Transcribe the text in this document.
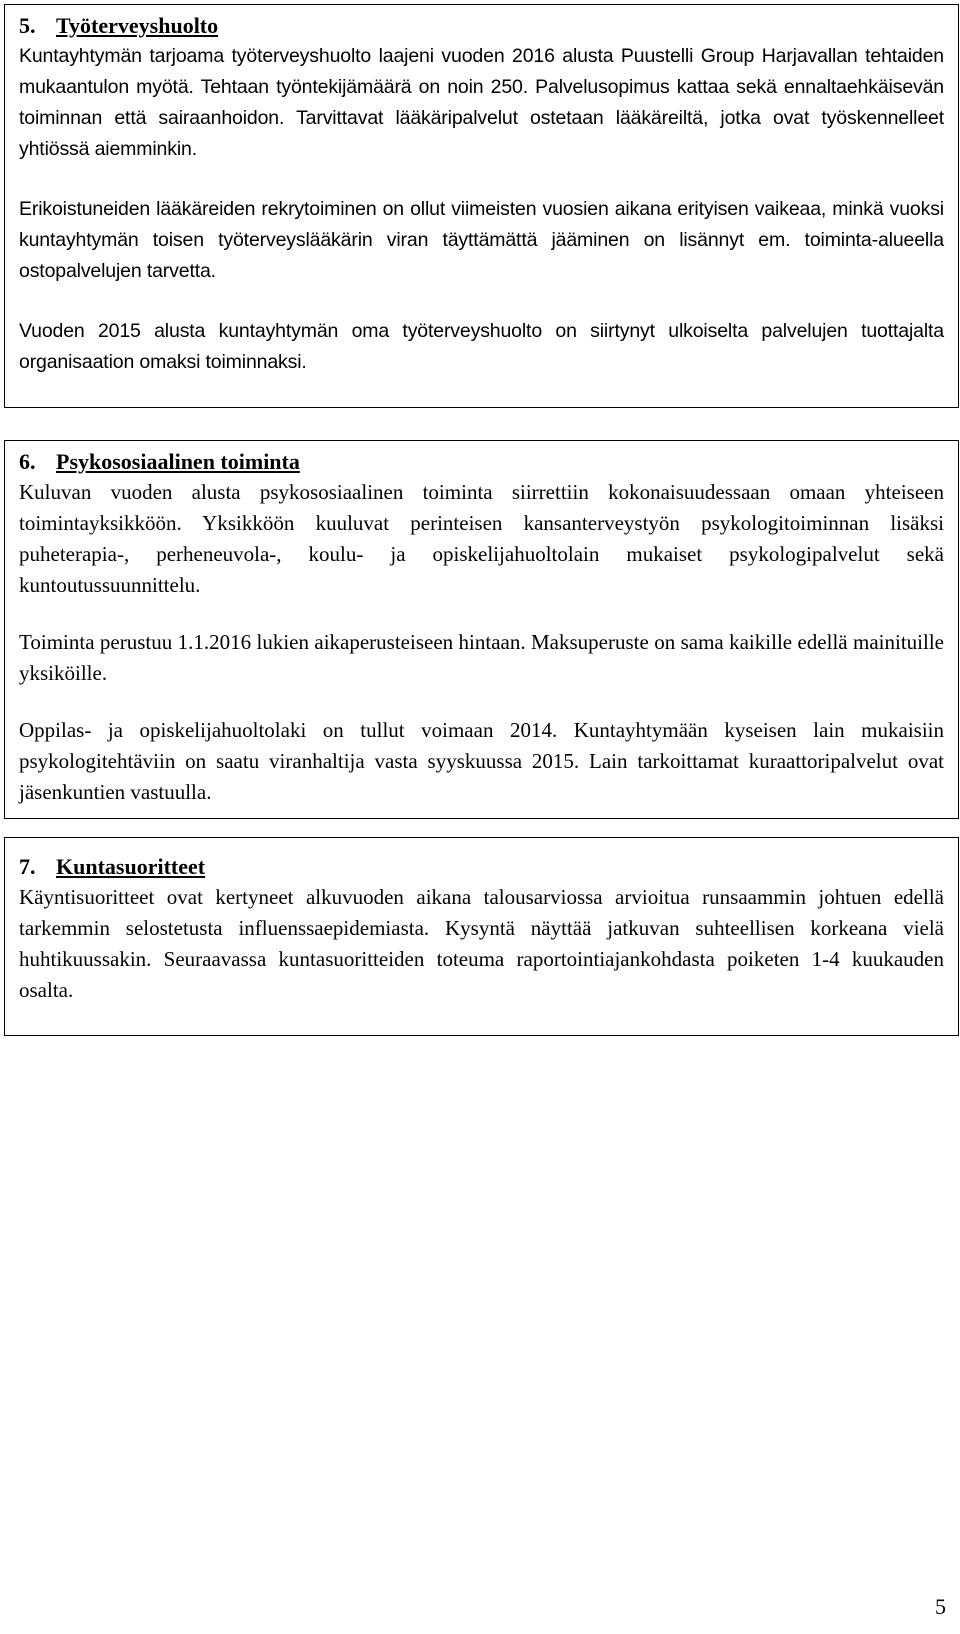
5. Työterveyshuolto

Kuntayhtymän tarjoama työterveyshuolto laajeni vuoden 2016 alusta Puustelli Group Harjavallan tehtaiden mukaantulon myötä. Tehtaan työntekijämäärä on noin 250. Palvelusopimus kattaa sekä ennaltaehkäisevän toiminnan että sairaanhoidon. Tarvittavat lääkäripalvelut ostetaan lääkäreiltä, jotka ovat työskennelleet yhtiössä aiemminkin.

Erikoistuneiden lääkäreiden rekrytoiminen on ollut viimeisten vuosien aikana erityisen vaikeaa, minkä vuoksi kuntayhtymän toisen työterveyslääkärin viran täyttämättä jääminen on lisännyt em. toiminta-alueella ostopalvelujen tarvetta.

Vuoden 2015 alusta kuntayhtymän oma työterveyshuolto on siirtynyt ulkoiselta palvelujen tuottajalta organisaation omaksi toiminnaksi.

6. Psykososiaalinen toiminta

Kuluvan vuoden alusta psykososiaalinen toiminta siirrettiin kokonaisuudessaan omaan yhteiseen toimintayksikköön. Yksikköön kuuluvat perinteisen kansanterveystyön psykologitoiminnan lisäksi puheterapia-, perheneuvola-, koulu- ja opiskelijahuoltolain mukaiset psykologipalvelut sekä kuntoutussuunnittelu.

Toiminta perustuu 1.1.2016 lukien aikaperusteiseen hintaan. Maksuperuste on sama kaikille edellä mainituille yksiköille.

Oppilas- ja opiskelijahuoltolaki on tullut voimaan 2014. Kuntayhtymään kyseisen lain mukaisiin psykologitehtäviin on saatu viranhaltija vasta syyskuussa 2015. Lain tarkoittamat kuraattoripalvelut ovat jäsenkuntien vastuulla.

7. Kuntasuoritteet

Käyntisuoritteet ovat kertyneet alkuvuoden aikana talousarviossa arvioitua runsaammin johtuen edellä tarkemmin selostetusta influenssaepidemiasta. Kysyntä näyttää jatkuvan suhteellisen korkeana vielä huhtikuussakin. Seuraavassa kuntasuoritteiden toteuma raportointiajankohdasta poiketen 1-4 kuukauden osalta.

5
